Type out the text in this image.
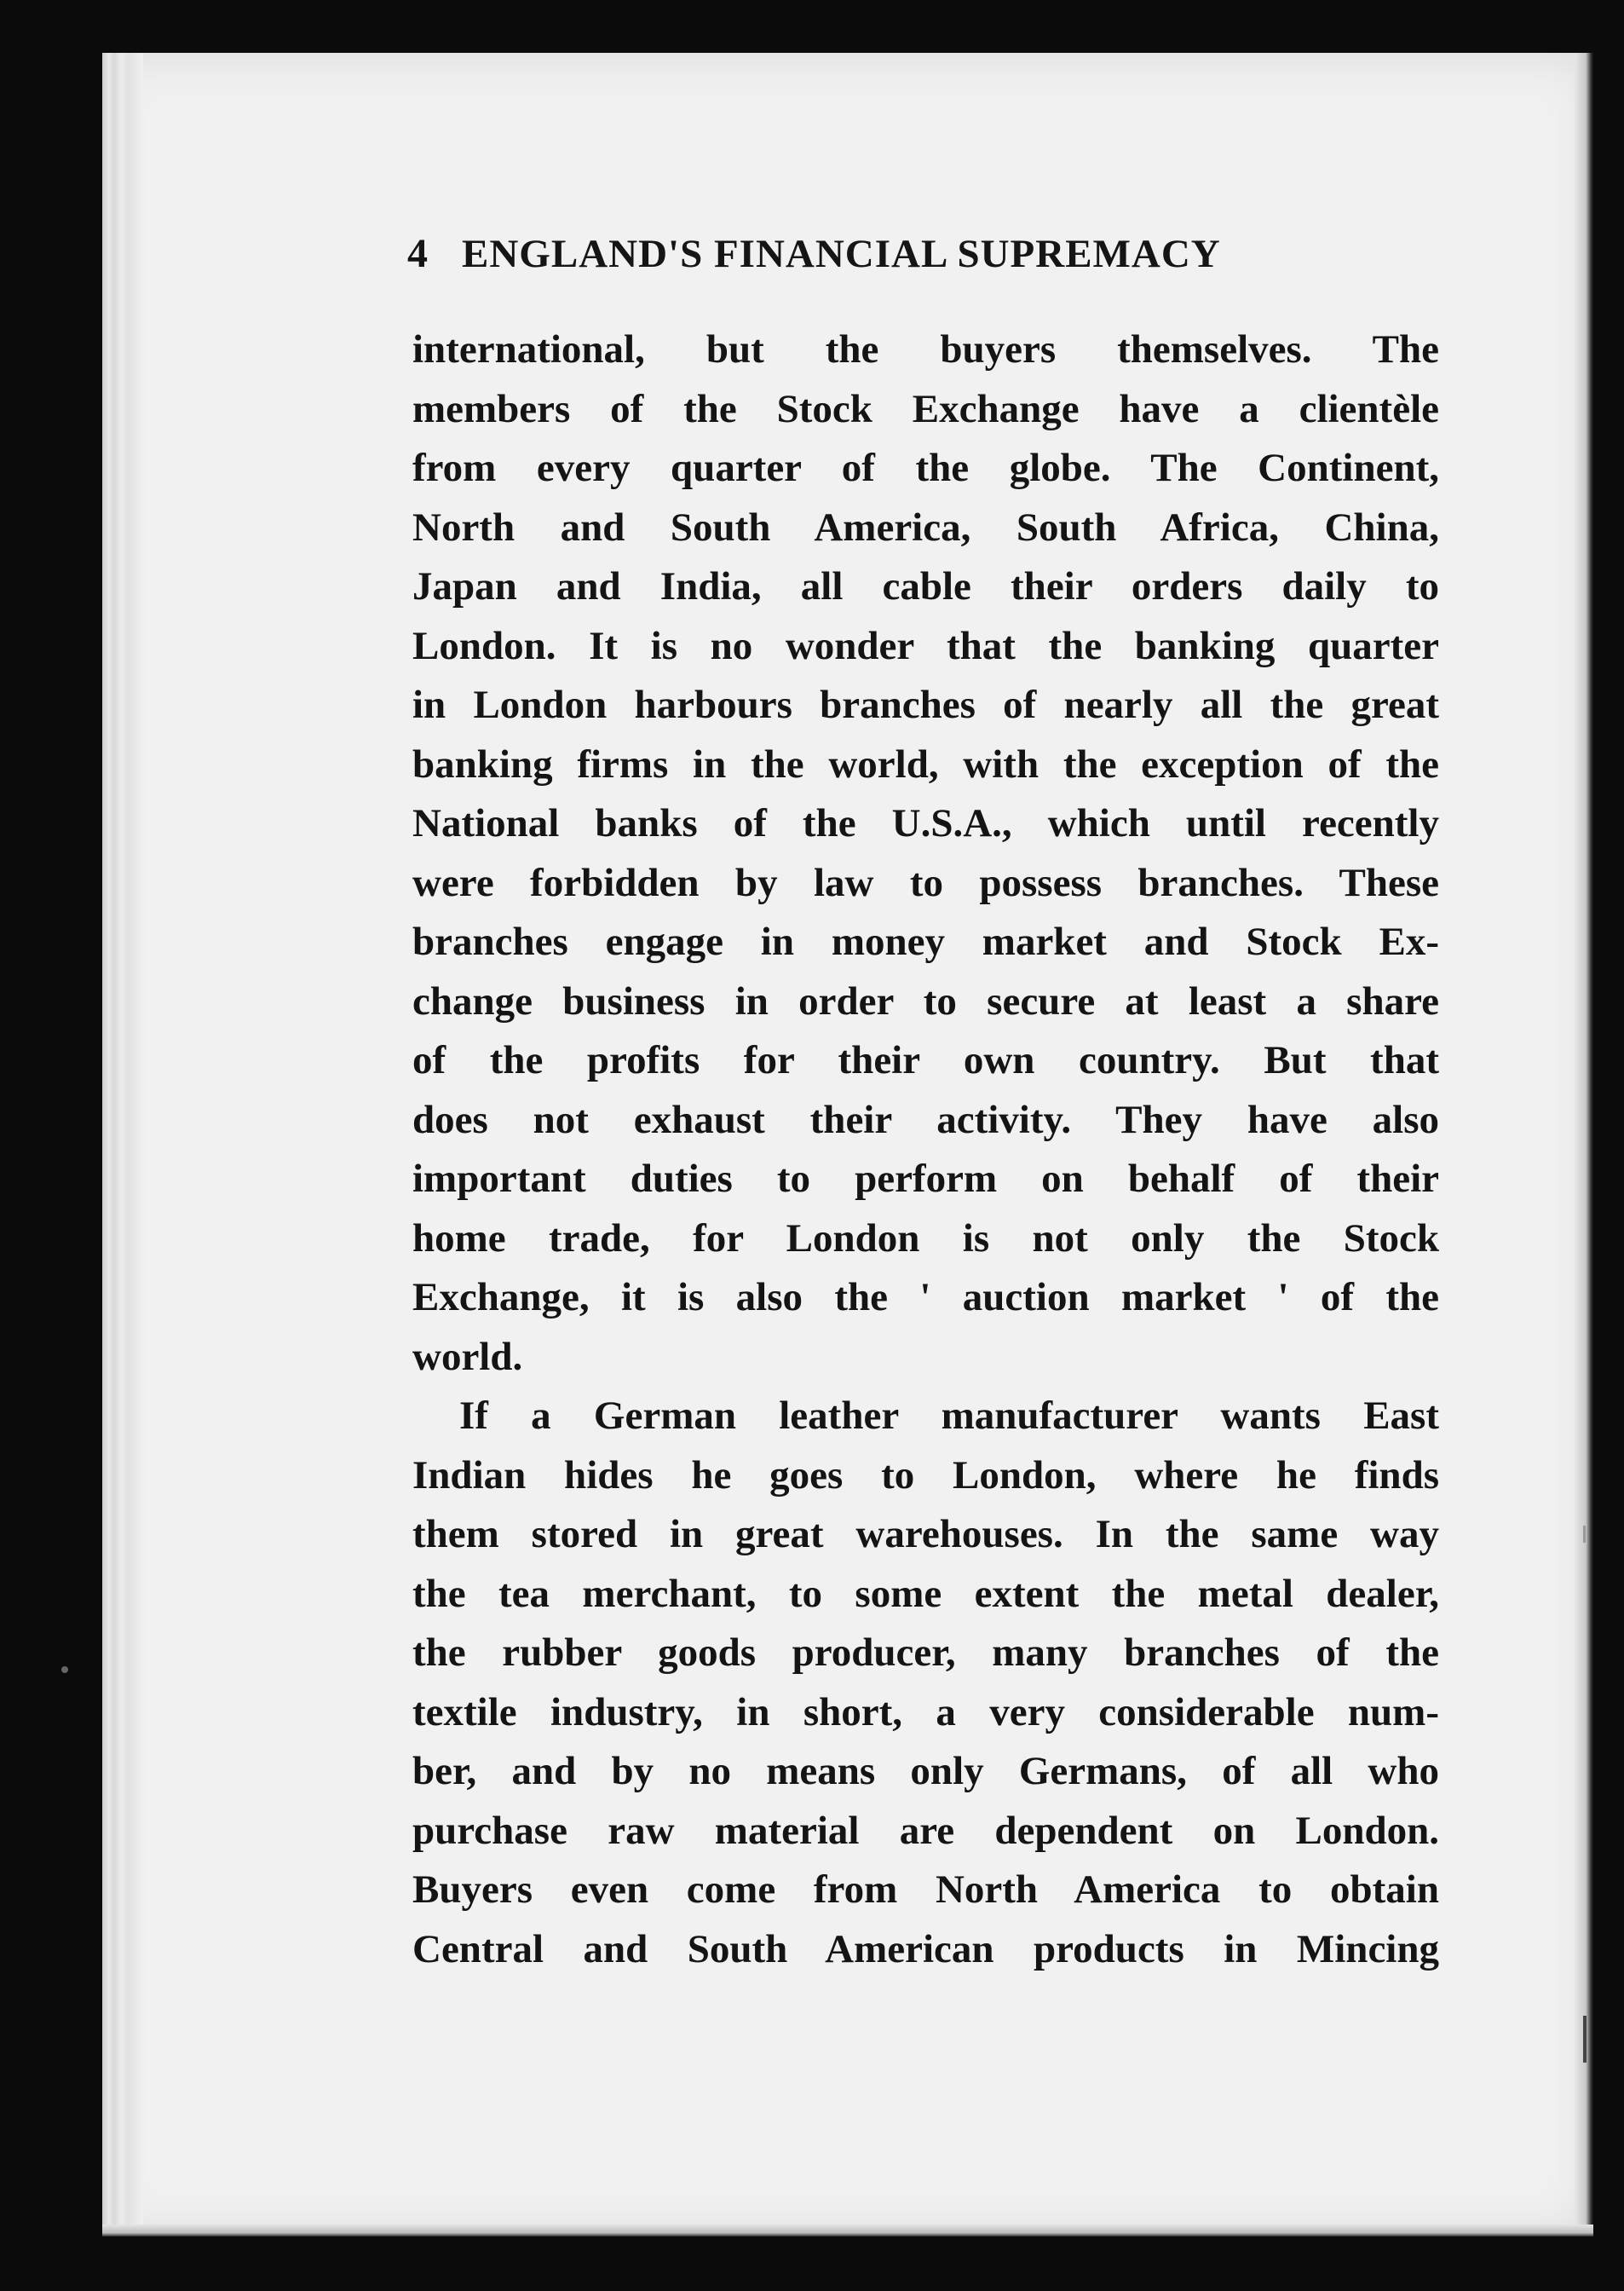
4 ENGLAND'S FINANCIAL SUPREMACY
international, but the buyers themselves. The
members of the Stock Exchange have a clientèle
from every quarter of the globe. The Continent,
North and South America, South Africa, China,
Japan and India, all cable their orders daily to
London. It is no wonder that the banking quarter
in London harbours branches of nearly all the great
banking firms in the world, with the exception of the
National banks of the U.S.A., which until recently
were forbidden by law to possess branches. These
branches engage in money market and Stock Ex-
change business in order to secure at least a share
of the profits for their own country. But that
does not exhaust their activity. They have also
important duties to perform on behalf of their
home trade, for London is not only the Stock
Exchange, it is also the ' auction market ' of the
world.
If a German leather manufacturer wants East
Indian hides he goes to London, where he finds
them stored in great warehouses. In the same way
the tea merchant, to some extent the metal dealer,
the rubber goods producer, many branches of the
textile industry, in short, a very considerable num-
ber, and by no means only Germans, of all who
purchase raw material are dependent on London.
Buyers even come from North America to obtain
Central and South American products in Mincing
